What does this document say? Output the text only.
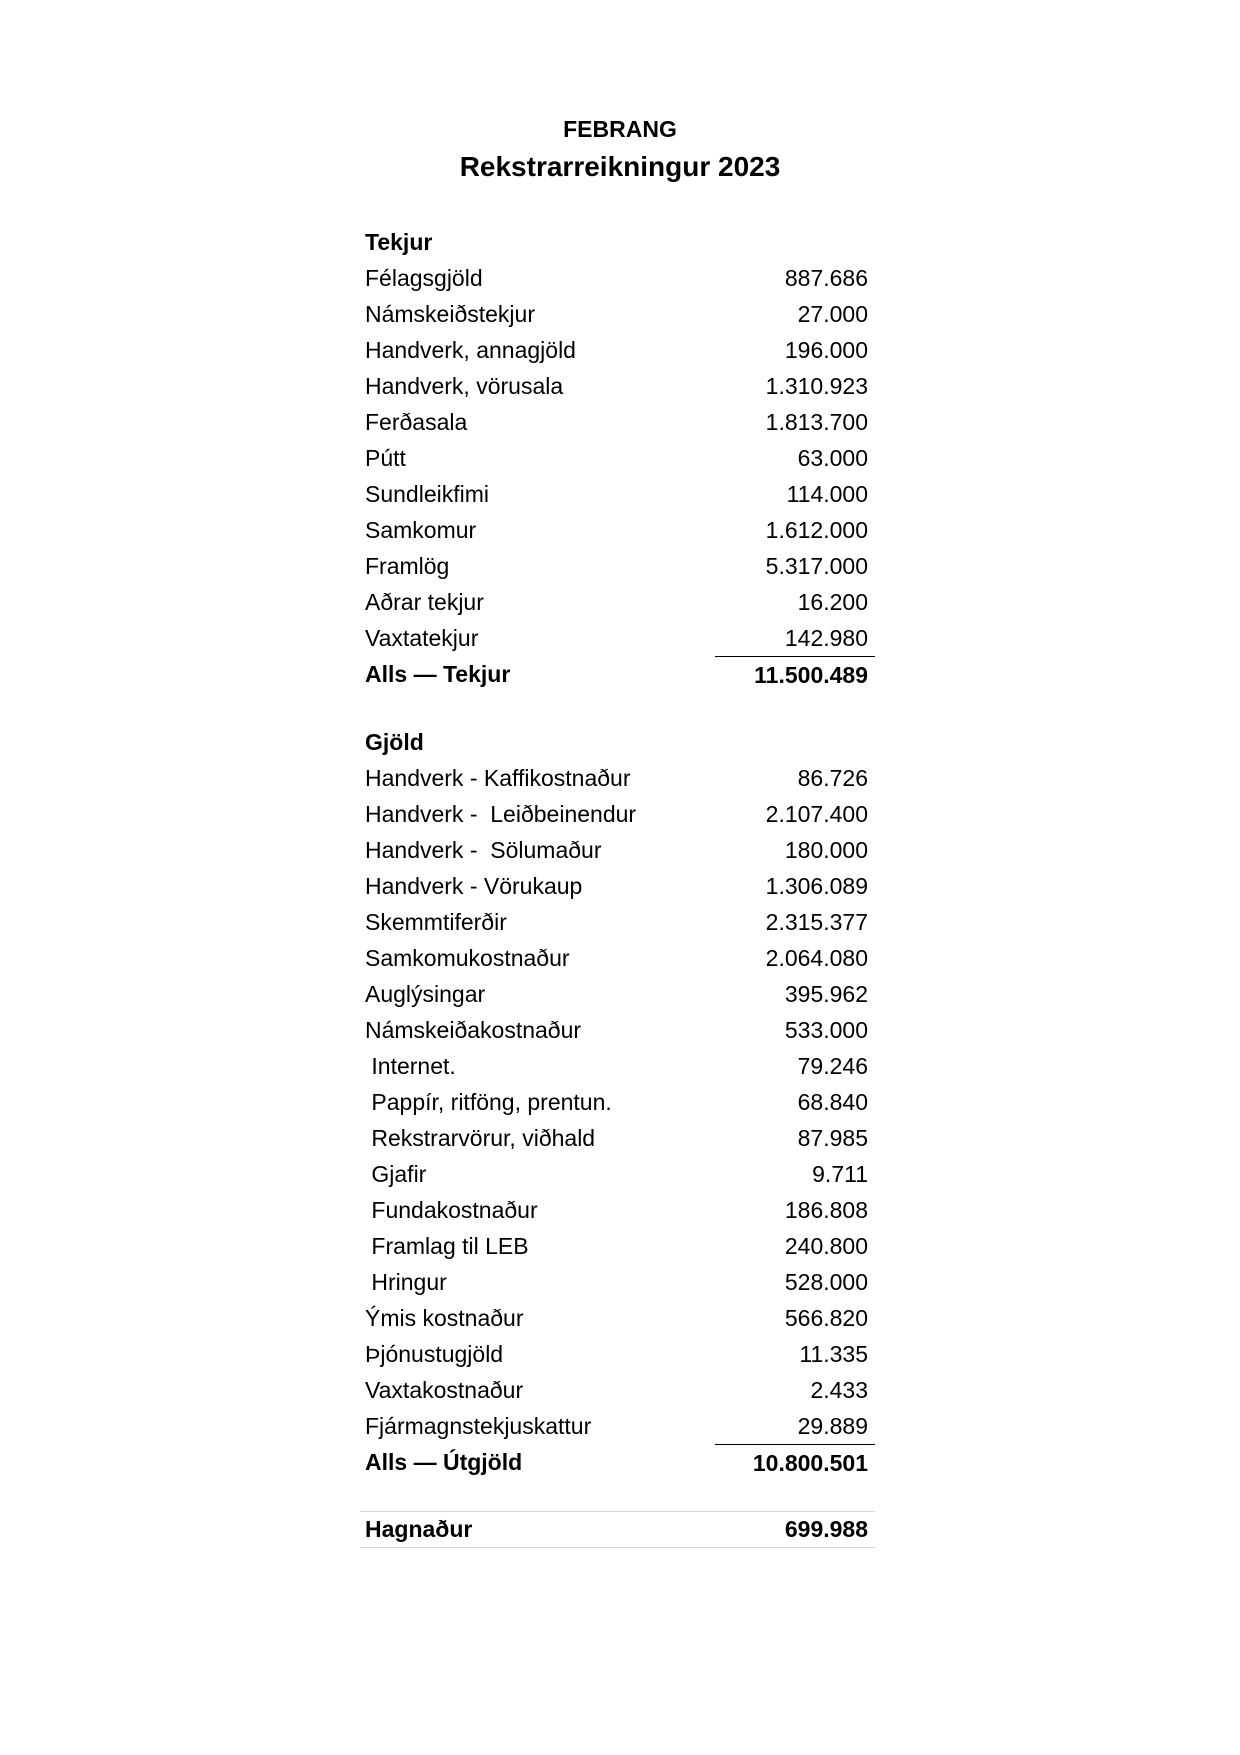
FEBRANG
Rekstrarreikningur 2023
Tekjur
Félagsgjöld	887.686
Námskeiðstekjur	27.000
Handverk, annagjöld	196.000
Handverk, vörusala	1.310.923
Ferðasala	1.813.700
Pútt	63.000
Sundleikfimi	114.000
Samkomur	1.612.000
Framlög	5.317.000
Aðrar tekjur	16.200
Vaxtatekjur	142.980
Alls — Tekjur	11.500.489
Gjöld
Handverk - Kaffikostnaður	86.726
Handverk -  Leiðbeinendur	2.107.400
Handverk -  Sölumaður	180.000
Handverk - Vörukaup	1.306.089
Skemmtiferðir	2.315.377
Samkomukostnaður	2.064.080
Auglýsingar	395.962
Námskeiðakostnaður	533.000
Internet.	79.246
Pappír, ritföng, prentun.	68.840
Rekstrarvörur, viðhald	87.985
Gjafir	9.711
Fundakostnaður	186.808
Framlag til LEB	240.800
Hringur	528.000
Ýmis kostnaður	566.820
Þjónustugjöld	11.335
Vaxtakostnaður	2.433
Fjármagnstekjuskattur	29.889
Alls — Útgjöld	10.800.501
Hagnaður	699.988
